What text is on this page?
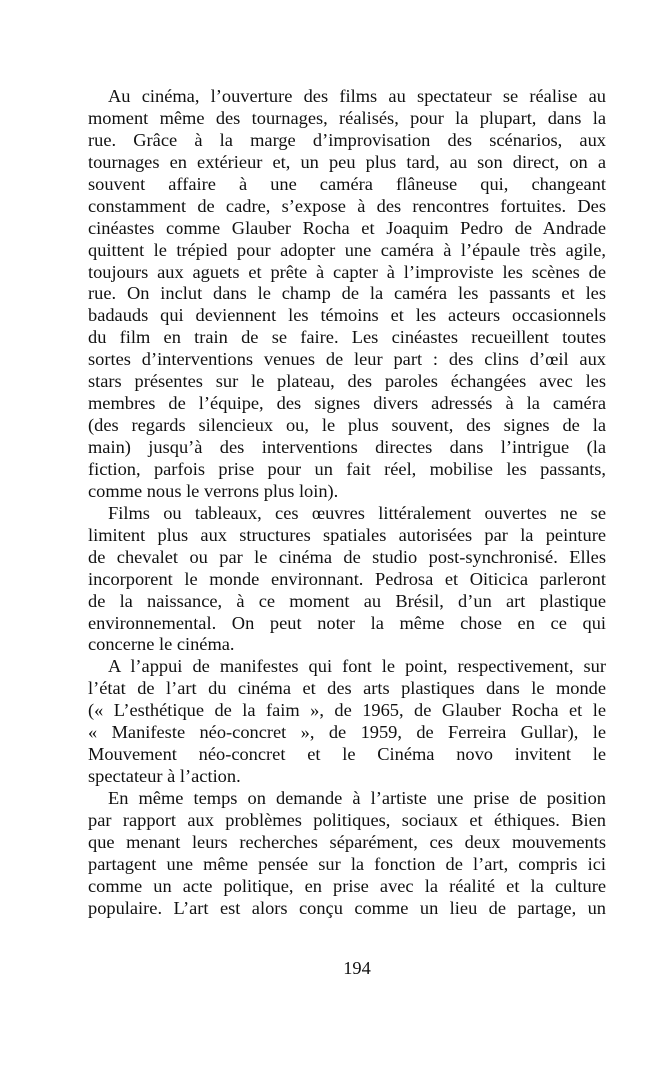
Au cinéma, l’ouverture des films au spectateur se réalise au
moment même des tournages, réalisés, pour la plupart, dans la
rue. Grâce à la marge d’improvisation des scénarios, aux
tournages en extérieur et, un peu plus tard, au son direct, on a
souvent affaire à une caméra flâneuse qui, changeant
constamment de cadre, s’expose à des rencontres fortuites. Des
cinéastes comme Glauber Rocha et Joaquim Pedro de Andrade
quittent le trépied pour adopter une caméra à l’épaule très agile,
toujours aux aguets et prête à capter à l’improviste les scènes de
rue. On inclut dans le champ de la caméra les passants et les
badauds qui deviennent les témoins et les acteurs occasionnels
du film en train de se faire. Les cinéastes recueillent toutes
sortes d’interventions venues de leur part : des clins d’œil aux
stars présentes sur le plateau, des paroles échangées avec les
membres de l’équipe, des signes divers adressés à la caméra
(des regards silencieux ou, le plus souvent, des signes de la
main) jusqu’à des interventions directes dans l’intrigue (la
fiction, parfois prise pour un fait réel, mobilise les passants,
comme nous le verrons plus loin).
Films ou tableaux, ces œuvres littéralement ouvertes ne se
limitent plus aux structures spatiales autorisées par la peinture
de chevalet ou par le cinéma de studio post-synchronisé. Elles
incorporent le monde environnant. Pedrosa et Oiticica parleront
de la naissance, à ce moment au Brésil, d’un art plastique
environnemental. On peut noter la même chose en ce qui
concerne le cinéma.
A l’appui de manifestes qui font le point, respectivement, sur
l’état de l’art du cinéma et des arts plastiques dans le monde
(« L’esthétique de la faim », de 1965, de Glauber Rocha et le
« Manifeste néo-concret », de 1959, de Ferreira Gullar), le
Mouvement néo-concret et le Cinéma novo invitent le
spectateur à l’action.
En même temps on demande à l’artiste une prise de position
par rapport aux problèmes politiques, sociaux et éthiques. Bien
que menant leurs recherches séparément, ces deux mouvements
partagent une même pensée sur la fonction de l’art, compris ici
comme un acte politique, en prise avec la réalité et la culture
populaire. L’art est alors conçu comme un lieu de partage, un
194
